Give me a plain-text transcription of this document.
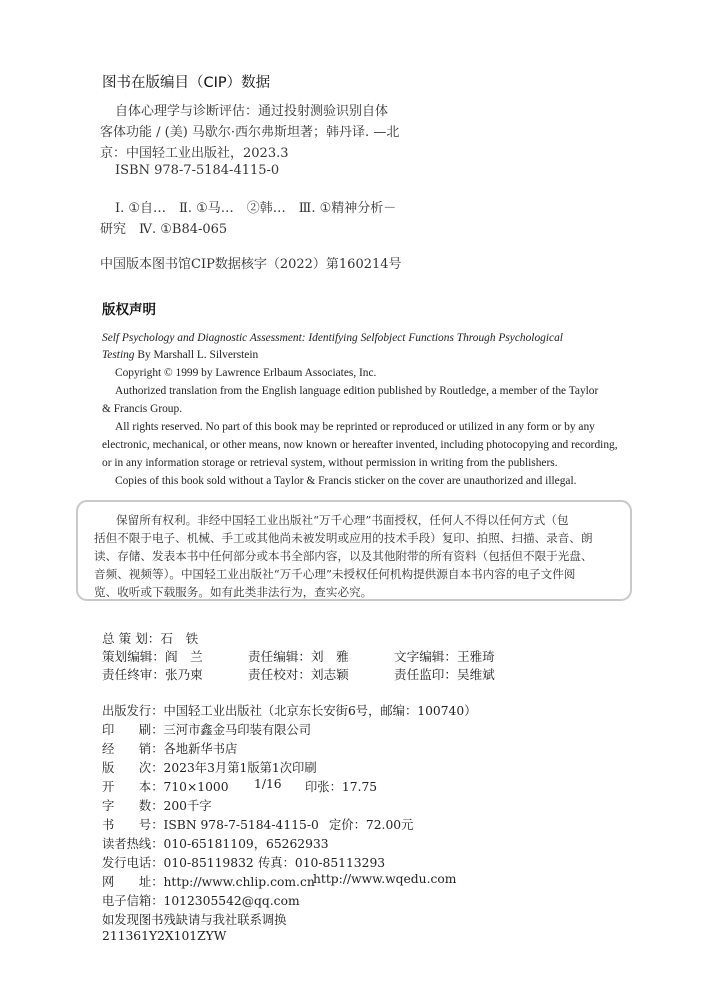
图书在版编目（CIP）数据
自体心理学与诊断评估：通过投射测验识别自体
客体功能 / (美) 马歇尔·西尔弗斯坦著；韩丹译. —北
京：中国轻工业出版社，2023.3
ISBN 978-7-5184-4115-0
Ⅰ. ①自…　Ⅱ. ①马…　②韩…　Ⅲ. ①精神分析－
研究　Ⅳ. ①B84-065
中国版本图书馆CIP数据核字（2022）第160214号
版权声明
Self Psychology and Diagnostic Assessment: Identifying Selfobject Functions Through Psychological
Testing By Marshall L. Silverstein
Copyright © 1999 by Lawrence Erlbaum Associates, Inc.
Authorized translation from the English language edition published by Routledge, a member of the Taylor
& Francis Group.
All rights reserved. No part of this book may be reprinted or reproduced or utilized in any form or by any
electronic, mechanical, or other means, now known or hereafter invented, including photocopying and recording,
or in any information storage or retrieval system, without permission in writing from the publishers.
Copies of this book sold without a Taylor & Francis sticker on the cover are unauthorized and illegal.
保留所有权利。非经中国轻工业出版社“万千心理”书面授权，任何人不得以任何方式（包
括但不限于电子、机械、手工或其他尚未被发明或应用的技术手段）复印、拍照、扫描、录音、朗
读、存储、发表本书中任何部分或本书全部内容，以及其他附带的所有资料（包括但不限于光盘、
音频、视频等）。中国轻工业出版社“万千心理”未授权任何机构提供源自本书内容的电子文件阅
览、收听或下载服务。如有此类非法行为，查实必究。
总 策 划：石　铁
策划编辑：阎　兰	责任编辑：刘　雅	文字编辑：王雅琦
责任终审：张乃柬	责任校对：刘志颖	责任监印：吴维斌
出版发行：中国轻工业出版社（北京东长安街6号，邮编：100740）
印　　刷：三河市鑫金马印装有限公司
经　　销：各地新华书店
版　　次：2023年3月第1版第1次印刷
开　　本：710×1000 1/16 印张：17.75
字　　数：200千字
书　　号：ISBN 978-7-5184-4115-0 定价：72.00元
读者热线：010-65181109，65262933
发行电话：010-85119832 传真：010-85113293
网　　址：http://www.chlip.com.cn
http://www.wqedu.com
电子信箱：1012305542@qq.com
如发现图书残缺请与我社联系调换
211361Y2X101ZYW
